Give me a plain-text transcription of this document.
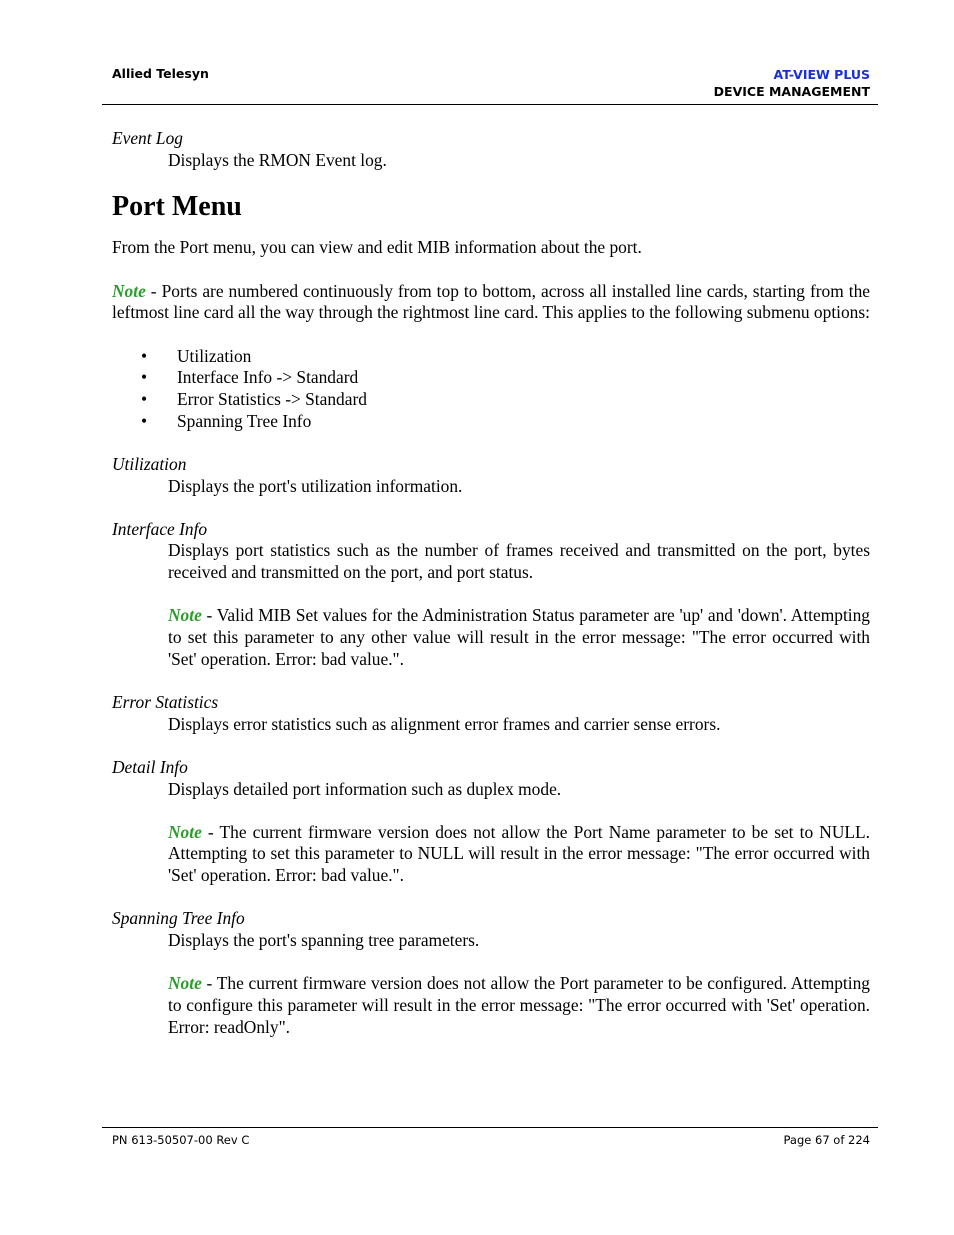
Allied Telesyn	AT-VIEW PLUS
DEVICE MANAGEMENT

Event Log

Displays the RMON Event log.

Port Menu

From the Port menu, you can view and edit MIB information about the port.

Note - Ports are numbered continuously from top to bottom, across all installed line cards, starting from the leftmost line card all the way through the rightmost line card. This applies to the following submenu options:

• Utilization
• Interface Info -> Standard
• Error Statistics -> Standard
• Spanning Tree Info

Utilization

Displays the port's utilization information.

Interface Info

Displays port statistics such as the number of frames received and transmitted on the port, bytes received and transmitted on the port, and port status.

Note - Valid MIB Set values for the Administration Status parameter are 'up' and 'down'. Attempting to set this parameter to any other value will result in the error message: "The error occurred with 'Set' operation. Error: bad value.".

Error Statistics

Displays error statistics such as alignment error frames and carrier sense errors.

Detail Info

Displays detailed port information such as duplex mode.

Note - The current firmware version does not allow the Port Name parameter to be set to NULL. Attempting to set this parameter to NULL will result in the error message: "The error occurred with 'Set' operation. Error: bad value.".

Spanning Tree Info

Displays the port's spanning tree parameters.

Note - The current firmware version does not allow the Port parameter to be configured. Attempting to configure this parameter will result in the error message: "The error occurred with 'Set' operation. Error: readOnly".

PN 613-50507-00 Rev C	Page 67 of 224
